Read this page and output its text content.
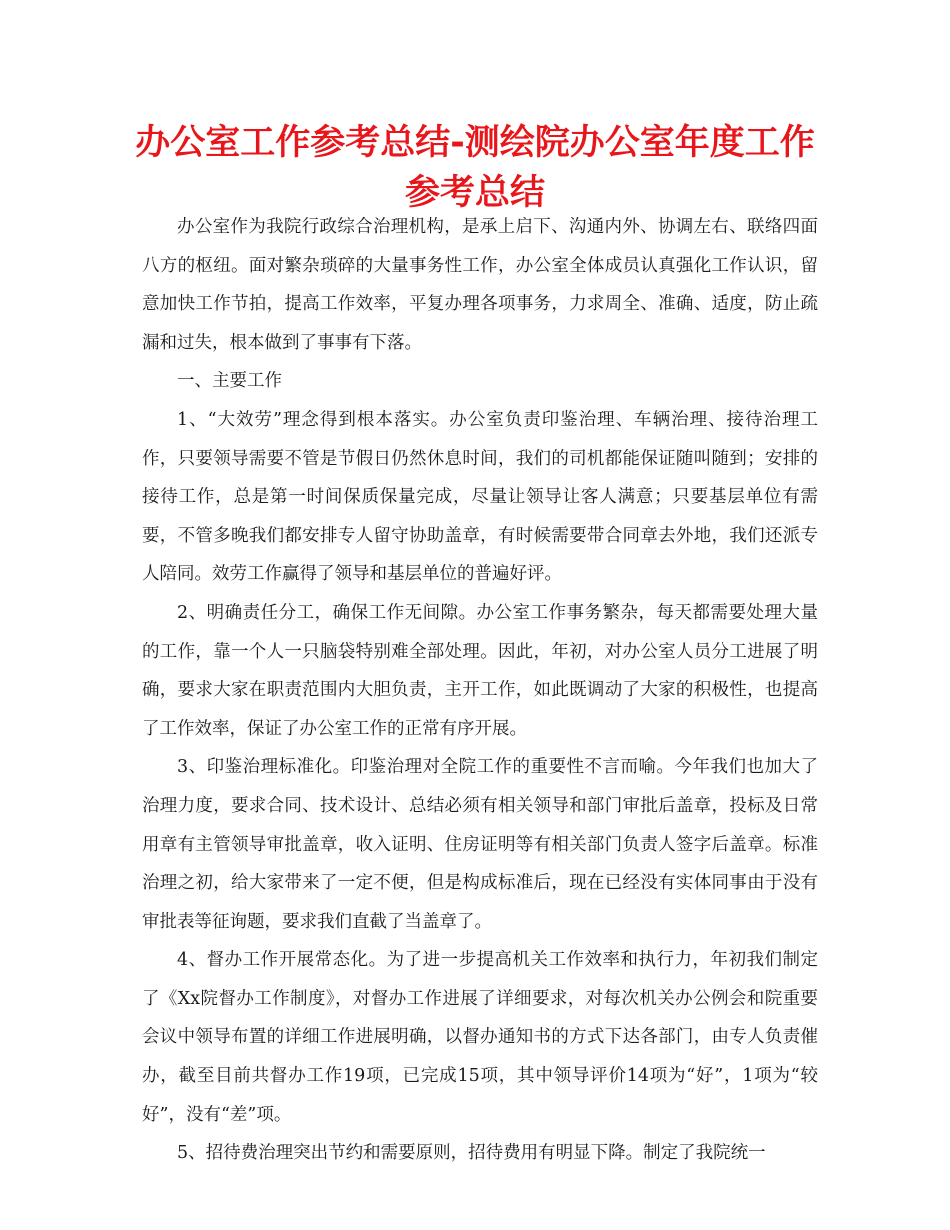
办公室工作参考总结-测绘院办公室年度工作参考总结

办公室作为我院行政综合治理机构，是承上启下、沟通内外、协调左右、联络四面八方的枢纽。面对繁杂琐碎的大量事务性工作，办公室全体成员认真强化工作认识，留意加快工作节拍，提高工作效率，平复办理各项事务，力求周全、准确、适度，防止疏漏和过失，根本做到了事事有下落。

一、主要工作

1、“大效劳”理念得到根本落实。办公室负责印鉴治理、车辆治理、接待治理工作，只要领导需要不管是节假日仍然休息时间，我们的司机都能保证随叫随到；安排的接待工作，总是第一时间保质保量完成，尽量让领导让客人满意；只要基层单位有需要，不管多晚我们都安排专人留守协助盖章，有时候需要带合同章去外地，我们还派专人陪同。效劳工作赢得了领导和基层单位的普遍好评。

2、明确责任分工，确保工作无间隙。办公室工作事务繁杂，每天都需要处理大量的工作，靠一个人一只脑袋特别难全部处理。因此，年初，对办公室人员分工进展了明确，要求大家在职责范围内大胆负责，主开工作，如此既调动了大家的积极性，也提高了工作效率，保证了办公室工作的正常有序开展。

3、印鉴治理标准化。印鉴治理对全院工作的重要性不言而喻。今年我们也加大了治理力度，要求合同、技术设计、总结必须有相关领导和部门审批后盖章，投标及日常用章有主管领导审批盖章，收入证明、住房证明等有相关部门负责人签字后盖章。标准治理之初，给大家带来了一定不便，但是构成标准后，现在已经没有实体同事由于没有审批表等征询题，要求我们直截了当盖章了。

4、督办工作开展常态化。为了进一步提高机关工作效率和执行力，年初我们制定了《Xx院督办工作制度》，对督办工作进展了详细要求，对每次机关办公例会和院重要会议中领导布置的详细工作进展明确，以督办通知书的方式下达各部门，由专人负责催办，截至目前共督办工作19项，已完成15项，其中领导评价14项为“好”，1项为“较好”，没有“差”项。

5、招待费治理突出节约和需要原则，招待费用有明显下降。制定了我院统一
